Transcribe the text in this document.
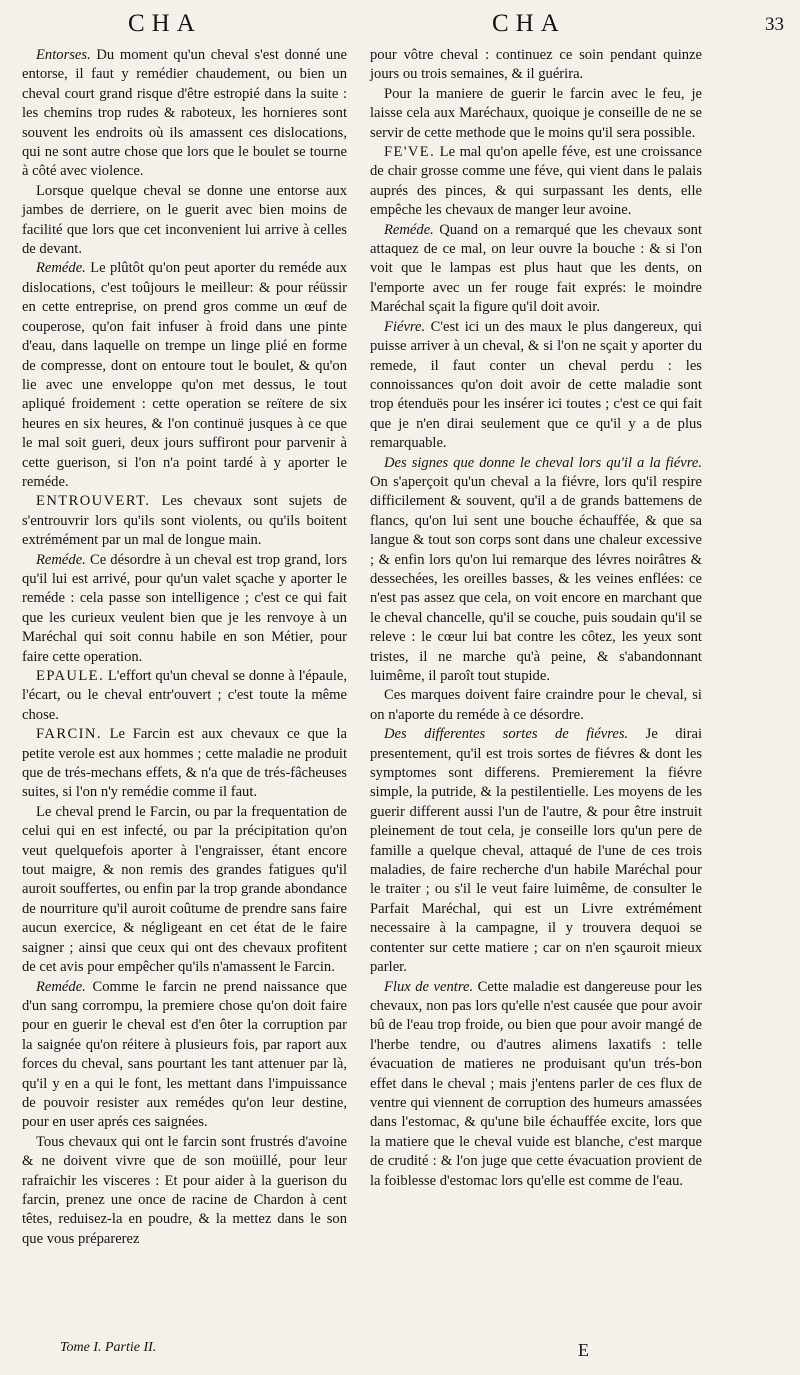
CHA	CHA	33

Entorses. Du moment qu'un cheval s'est donné une entorse, il faut y remédier chaudement, ou bien un cheval court grand risque d'être estropié dans la suite : les chemins trop rudes & raboteux, les hornieres sont souvent les endroits où ils amassent ces dislocations, qui ne sont autre chose que lors que le boulet se tourne à côté avec violence.

Lorsque quelque cheval se donne une entorse aux jambes de derriere, on le guerit avec bien moins de facilité que lors que cet inconvenient lui arrive à celles de devant.

Reméde. Le plûtôt qu'on peut aporter du reméde aux dislocations, c'est toûjours le meilleur: & pour réüssir en cette entreprise, on prend gros comme un œuf de couperose, qu'on fait infuser à froid dans une pinte d'eau, dans laquelle on trempe un linge plié en forme de compresse, dont on entoure tout le boulet, & qu'on lie avec une enveloppe qu'on met dessus, le tout apliqué froidement : cette operation se reïtere de six heures en six heures, & l'on continuë jusques à ce que le mal soit gueri, deux jours suffiront pour parvenir à cette guerison, si l'on n'a point tardé à y aporter le reméde.

ENTROUVERT. Les chevaux sont sujets de s'entrouvrir lors qu'ils sont violents, ou qu'ils boitent extrémément par un mal de longue main.

Reméde. Ce désordre à un cheval est trop grand, lors qu'il lui est arrivé, pour qu'un valet sçache y aporter le reméde : cela passe son intelligence ; c'est ce qui fait que les curieux veulent bien que je les renvoye à un Maréchal qui soit connu habile en son Métier, pour faire cette operation.

EPAULE. L'effort qu'un cheval se donne à l'épaule, l'écart, ou le cheval entr'ouvert ; c'est toute la même chose.

FARCIN. Le Farcin est aux chevaux ce que la petite verole est aux hommes ; cette maladie ne produit que de trés-mechans effets, & n'a que de trés-fâcheuses suites, si l'on n'y remédie comme il faut.

Le cheval prend le Farcin, ou par la frequentation de celui qui en est infecté, ou par la précipitation qu'on veut quelquefois aporter à l'engraisser, étant encore tout maigre, & non remis des grandes fatigues qu'il auroit souffertes, ou enfin par la trop grande abondance de nourriture qu'il auroit coûtume de prendre sans faire aucun exercice, & négligeant en cet état de le faire saigner ; ainsi que ceux qui ont des chevaux profitent de cet avis pour empêcher qu'ils n'amassent le Farcin.

Reméde. Comme le farcin ne prend naissance que d'un sang corrompu, la premiere chose qu'on doit faire pour en guerir le cheval est d'en ôter la corruption par la saignée qu'on réitere à plusieurs fois, par raport aux forces du cheval, sans pourtant les tant attenuer par là, qu'il y en a qui le font, les mettant dans l'impuissance de pouvoir resister aux remédes qu'on leur destine, pour en user aprés ces saignées.

Tous chevaux qui ont le farcin sont frustrés d'avoine & ne doivent vivre que de son moüillé, pour leur rafraichir les visceres : Et pour aider à la guerison du farcin, prenez une once de racine de Chardon à cent têtes, reduisez-la en poudre, & la mettez dans le son que vous préparerez

pour vôtre cheval : continuez ce soin pendant quinze jours ou trois semaines, & il guérira.

Pour la maniere de guerir le farcin avec le feu, je laisse cela aux Maréchaux, quoique je conseille de ne se servir de cette methode que le moins qu'il sera possible.

FE'VE. Le mal qu'on apelle féve, est une croissance de chair grosse comme une féve, qui vient dans le palais auprés des pinces, & qui surpassant les dents, elle empêche les chevaux de manger leur avoine.

Reméde. Quand on a remarqué que les chevaux sont attaquez de ce mal, on leur ouvre la bouche : & si l'on voit que le lampas est plus haut que les dents, on l'emporte avec un fer rouge fait exprés: le moindre Maréchal sçait la figure qu'il doit avoir.

Fiévre. C'est ici un des maux le plus dangereux, qui puisse arriver à un cheval, & si l'on ne sçait y aporter du remede, il faut conter un cheval perdu : les connoissances qu'on doit avoir de cette maladie sont trop étenduës pour les insérer ici toutes ; c'est ce qui fait que je n'en dirai seulement que ce qu'il y a de plus remarquable.

Des signes que donne le cheval lors qu'il a la fiévre. On s'aperçoit qu'un cheval a la fiévre, lors qu'il respire difficilement & souvent, qu'il a de grands battemens de flancs, qu'on lui sent une bouche échauffée, & que sa langue & tout son corps sont dans une chaleur excessive ; & enfin lors qu'on lui remarque des lévres noirâtres & dessechées, les oreilles basses, & les veines enflées: ce n'est pas assez que cela, on voit encore en marchant que le cheval chancelle, qu'il se couche, puis soudain qu'il se releve : le cœur lui bat contre les côtez, les yeux sont tristes, il ne marche qu'à peine, & s'abandonnant luimême, il paroît tout stupide.

Ces marques doivent faire craindre pour le cheval, si on n'aporte du reméde à ce désordre.

Des differentes sortes de fiévres. Je dirai presentement, qu'il est trois sortes de fiévres & dont les symptomes sont differens. Premierement la fiévre simple, la putride, & la pestilentielle. Les moyens de les guerir different aussi l'un de l'autre, & pour être instruit pleinement de tout cela, je conseille lors qu'un pere de famille a quelque cheval, attaqué de l'une de ces trois maladies, de faire recherche d'un habile Maréchal pour le traiter ; ou s'il le veut faire luimême, de consulter le Parfait Maréchal, qui est un Livre extrémément necessaire à la campagne, il y trouvera dequoi se contenter sur cette matiere ; car on n'en sçauroit mieux parler.

Flux de ventre. Cette maladie est dangereuse pour les chevaux, non pas lors qu'elle n'est causée que pour avoir bû de l'eau trop froide, ou bien que pour avoir mangé de l'herbe tendre, ou d'autres alimens laxatifs : telle évacuation de matieres ne produisant qu'un trés-bon effet dans le cheval ; mais j'entens parler de ces flux de ventre qui viennent de corruption des humeurs amassées dans l'estomac, & qu'une bile échauffée excite, lors que la matiere que le cheval vuide est blanche, c'est marque de crudité : & l'on juge que cette évacuation provient de la foiblesse d'estomac lors qu'elle est comme de l'eau.

Tome I. Partie II.	E
